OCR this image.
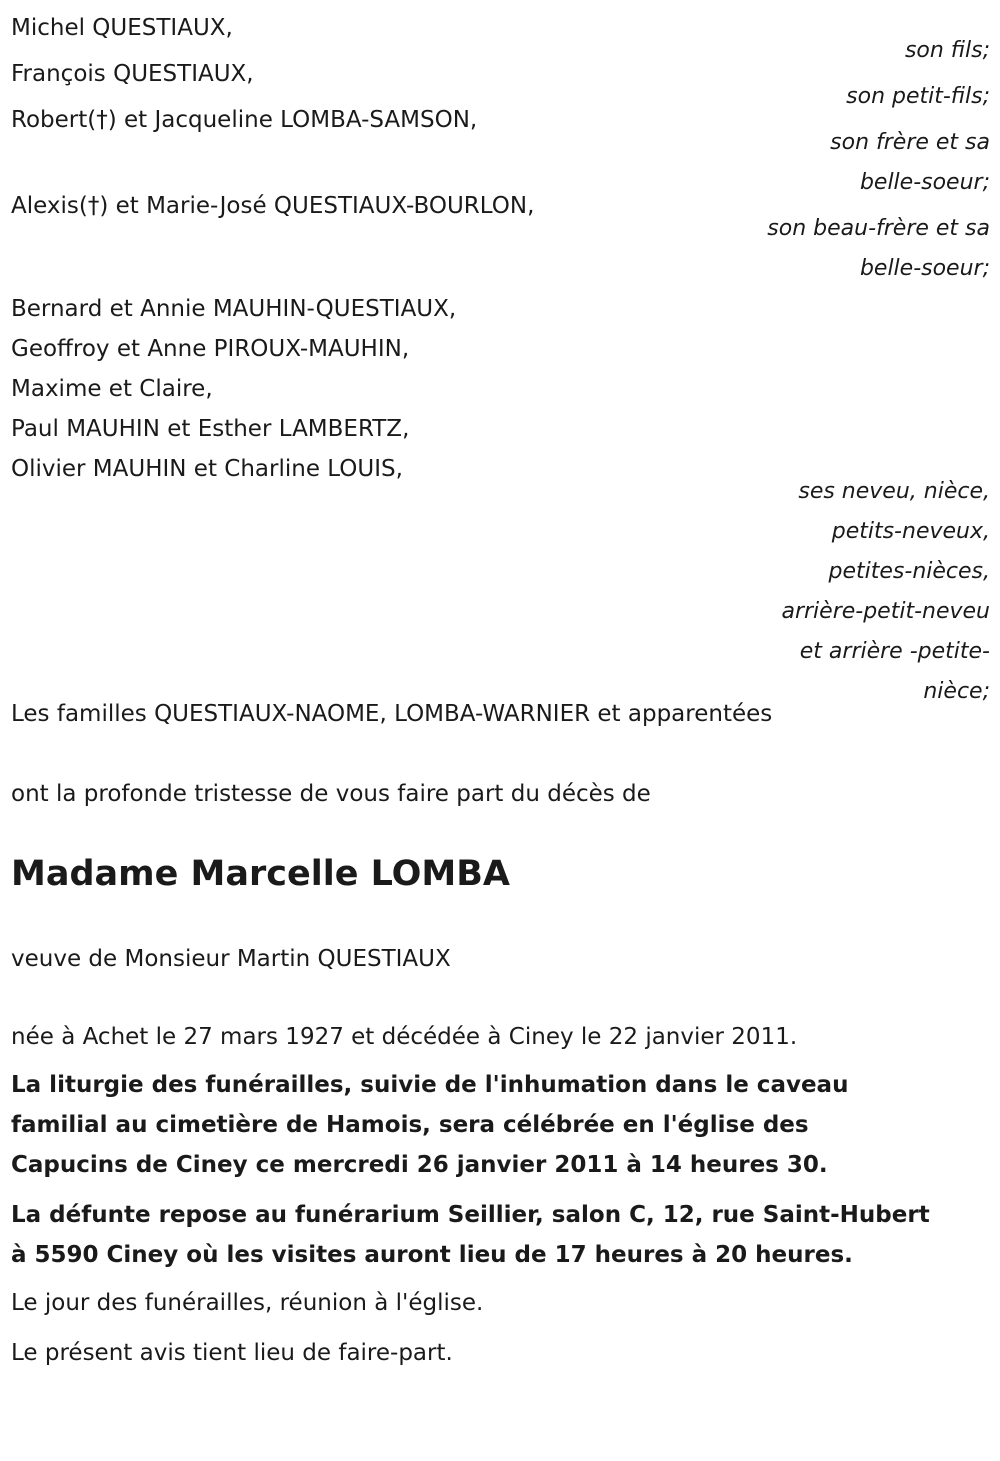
Michel QUESTIAUX,
son fils;
François QUESTIAUX,
son petit-fils;
Robert(†) et Jacqueline LOMBA-SAMSON,
son frère et sa
belle-soeur;
Alexis(†) et Marie-José QUESTIAUX-BOURLON,
son beau-frère et sa
belle-soeur;
Bernard et Annie MAUHIN-QUESTIAUX,
Geoffroy et Anne PIROUX-MAUHIN,
Maxime et Claire,
Paul MAUHIN et Esther LAMBERTZ,
Olivier MAUHIN et Charline LOUIS,
ses neveu, nièce,
petits-neveux,
petites-nièces,
arrière-petit-neveu
et arrière -petite-
nièce;
Les familles QUESTIAUX-NAOME, LOMBA-WARNIER et apparentées
ont la profonde tristesse de vous faire part du décès de
Madame Marcelle LOMBA
veuve de Monsieur Martin QUESTIAUX
née à Achet le 27 mars 1927 et décédée à Ciney le 22 janvier 2011.
La liturgie des funérailles, suivie de l'inhumation dans le caveau
familial au cimetière de Hamois, sera célébrée en l'église des
Capucins de Ciney ce mercredi 26 janvier 2011 à 14 heures 30.
La défunte repose au funérarium Seillier, salon C, 12, rue Saint-Hubert
à 5590 Ciney où les visites auront lieu de 17 heures à 20 heures.
Le jour des funérailles, réunion à l'église.
Le présent avis tient lieu de faire-part.
